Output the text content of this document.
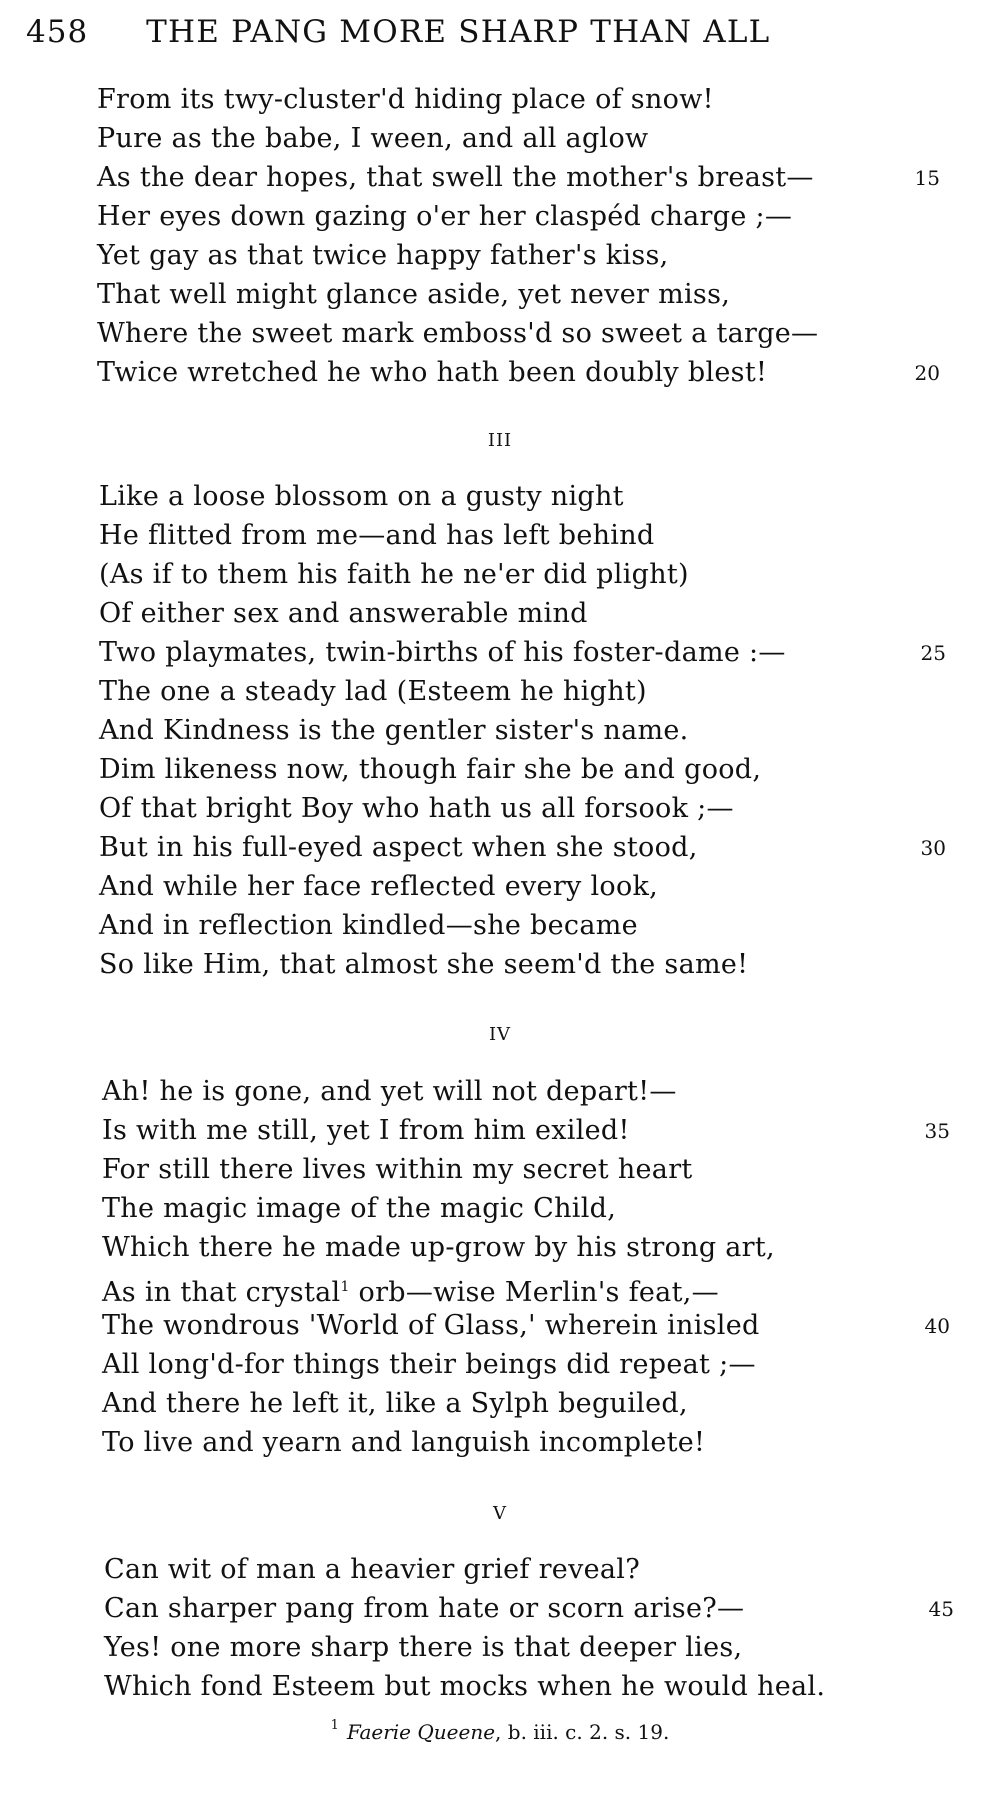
458 THE PANG MORE SHARP THAN ALL
From its twy-cluster'd hiding place of snow!
Pure as the babe, I ween, and all aglow
As the dear hopes, that swell the mother's breast—	15
Her eyes down gazing o'er her claspéd charge ;—
Yet gay as that twice happy father's kiss,
That well might glance aside, yet never miss,
Where the sweet mark emboss'd so sweet a targe—
Twice wretched he who hath been doubly blest!	20
III
Like a loose blossom on a gusty night
He flitted from me—and has left behind
(As if to them his faith he ne'er did plight)
Of either sex and answerable mind
Two playmates, twin-births of his foster-dame :—	25
The one a steady lad (Esteem he hight)
And Kindness is the gentler sister's name.
Dim likeness now, though fair she be and good,
Of that bright Boy who hath us all forsook ;—
But in his full-eyed aspect when she stood,	30
And while her face reflected every look,
And in reflection kindled—she became
So like Him, that almost she seem'd the same!
IV
Ah! he is gone, and yet will not depart!—
Is with me still, yet I from him exiled!	35
For still there lives within my secret heart
The magic image of the magic Child,
Which there he made up-grow by his strong art,
As in that crystal$^1$ orb—wise Merlin's feat,—
The wondrous 'World of Glass,' wherein inisled	40
All long'd-for things their beings did repeat ;—
And there he left it, like a Sylph beguiled,
To live and yearn and languish incomplete!
V
Can wit of man a heavier grief reveal?
Can sharper pang from hate or scorn arise?—	45
Yes! one more sharp there is that deeper lies,
Which fond Esteem but mocks when he would heal.
$^1$ Faerie Queene, b. iii. c. 2. s. 19.
